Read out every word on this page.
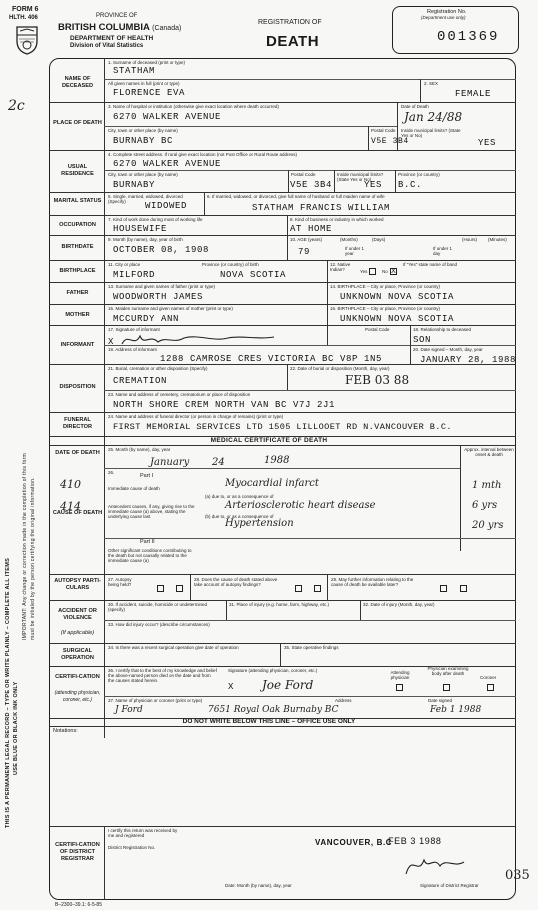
FORM 6
HLTH. 406	PROVINCE OF
BRITISH COLUMBIA (Canada)
DEPARTMENT OF HEALTH
Division of Vital Statistics
REGISTRATION OF
DEATH
Registration No.
(Department use only)
001369
2c
THIS IS A PERMANENT LEGAL RECORD – TYPE OR WRITE PLAINLY – COMPLETE ALL ITEMS USE BLUE OR BLACK INK ONLY
IMPORTANT: Any change or correction made in the completion of this form must be initialed by the person certifying the original information.
NAME OF DECEASED
PLACE OF DEATH
USUAL RESIDENCE
MARITAL STATUS
OCCUPATION
BIRTHDATE
BIRTHPLACE
FATHER
MOTHER
INFORMANT
DISPOSITION
FUNERAL DIRECTOR
DATE OF DEATH
CAUSE OF DEATH
AUTOPSY PARTI-CULARS
ACCIDENT OR VIOLENCE
(If applicable)
SURGICAL OPERATION
CERTIFI-CATION
(attending physician, coroner, etc.)
CERTIFI-CATION OF DISTRICT REGISTRAR
1. Surname of deceased (print or type)
STATHAM
All given names in full (print or type)
FLORENCE EVA
2. SEX
FEMALE
3. Name of hospital or institution (otherwise give exact location where death occurred)
6270 WALKER AVENUE
Date of Death
Jan 24/88
City, town or other place (by name)
BURNABY BC
Postal Code
V5E 3B4
Inside municipal limits? (State Yes or No)
YES
4. Complete street address. If rural give exact location (not Post Office or Rural Route address)
6270 WALKER AVENUE
City, town or other place (by name)
BURNABY
Postal Code
V5E 3B4
Inside municipal limits? (State Yes or No)
YES
Province (or country)
B.C.
5. Single, married, widowed, divorced (Specify)	WIDOWED
6. If married, widowed, or divorced, give full name of husband or full maiden name of wife
STATHAM FRANCIS WILLIAM
7. Kind of work done during most of working life
HOUSEWIFE
8. Kind of business or industry in which worked
AT HOME
9. Month (by name), day, year of birth
OCTOBER 08, 1908
10. AGE (years)
79
(Months)	(Days)
If under 1 year
(Hours) (Minutes)
If under 1 day
11. City or place	Province (or country) of birth
MILFORD	NOVA SCOTIA
12. Native Indian?	Yes	No X
If "Yes" state name of band
13. Surname and given names of father (print or type)
WOODWORTH JAMES
14. BIRTHPLACE – City or place, Province (or country)
UNKNOWN NOVA SCOTIA
15. Maiden surname and given names of mother (print or type)
MCCURDY ANN
16. BIRTHPLACE – City or place, Province (or country)
UNKNOWN NOVA SCOTIA
17. Signature of informant
X
Postal Code	18. Relationship to deceased
SON
19. Address of informant
1288 CAMROSE CRES VICTORIA BC V8P 1N5
20. Date signed – Month, day, year
JANUARY 28, 1988
21. Burial, cremation or other disposition (Specify)
CREMATION
22. Date of burial or disposition (Month, day, year)
FEB 03 88
23. Name and address of cemetery, crematorium or place of disposition
NORTH SHORE CREM NORTH VAN BC V7J 2J1
24. Name and address of funeral director (or person in charge of remains) (print or type)
FIRST MEMORIAL SERVICES LTD 1505 LILLOOET RD N.VANCOUVER B.C.
MEDICAL CERTIFICATE OF DEATH
25. Month (by name), day, year
January 24	1988
Approx. interval between onset & death
26.
Part I
Immediate cause of death
(a) due to, or as a consequence of
Myocardial infarct	1 mth
Antecedent causes, if any, giving rise to the immediate cause (a) above, stating the underlying cause last	(b) due to, or as a consequence of
Arteriosclerotic heart disease	6 yrs
Hypertension	20 yrs
410
414
Part II
Other significant conditions contributing to the death but not causally related to the immediate cause (a)
27. Autopsy being held?
28. Does the cause of death stated above take account of autopsy findings?
29. May further information relating to the cause of death be available later?
30. If accident, suicide, homicide or undetermined (specify)
31. Place of injury (e.g. home, farm, highway, etc.)	32. Date of injury (Month, day, year)
33. How did injury occur? (describe circumstances)
34. Is there was a recent surgical operation give date of operation	35. State operative findings
36. I certify that to the best of my knowledge and belief the above-named person died on the date and from the causes stated herein.
Signature (attending physician, coroner, etc.)
X Joe Ford
Attending physician
Physician examining body after death
Coroner
37. Name of physician or coroner (print or type)	Address	Date signed
J Ford	7651 Royal Oak Burnaby BC	Feb 1 1988
DO NOT WRITE BELOW THIS LINE – OFFICE USE ONLY
Notations:
I certify this return was received by me and registered
District Registration No.
VANCOUVER, B.C
FEB 3 1988
Date: Month (by name), day, year	Signature of District Registrar
B–2300–39.1: 6-5-85
035
